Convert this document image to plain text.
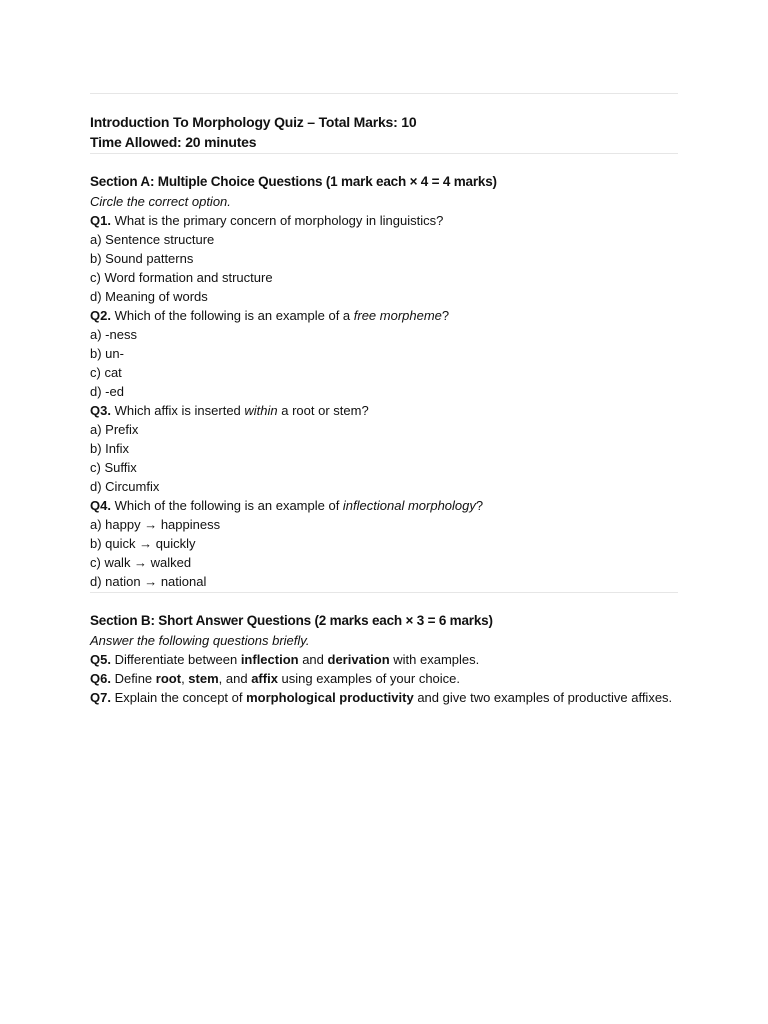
Introduction To Morphology Quiz – Total Marks: 10
Time Allowed: 20 minutes
Section A: Multiple Choice Questions (1 mark each × 4 = 4 marks)
Circle the correct option.
Q1. What is the primary concern of morphology in linguistics?
a) Sentence structure
b) Sound patterns
c) Word formation and structure
d) Meaning of words
Q2. Which of the following is an example of a free morpheme?
a) -ness
b) un-
c) cat
d) -ed
Q3. Which affix is inserted within a root or stem?
a) Prefix
b) Infix
c) Suffix
d) Circumfix
Q4. Which of the following is an example of inflectional morphology?
a) happy → happiness
b) quick → quickly
c) walk → walked
d) nation → national
Section B: Short Answer Questions (2 marks each × 3 = 6 marks)
Answer the following questions briefly.
Q5. Differentiate between inflection and derivation with examples.
Q6. Define root, stem, and affix using examples of your choice.
Q7. Explain the concept of morphological productivity and give two examples of productive affixes.
